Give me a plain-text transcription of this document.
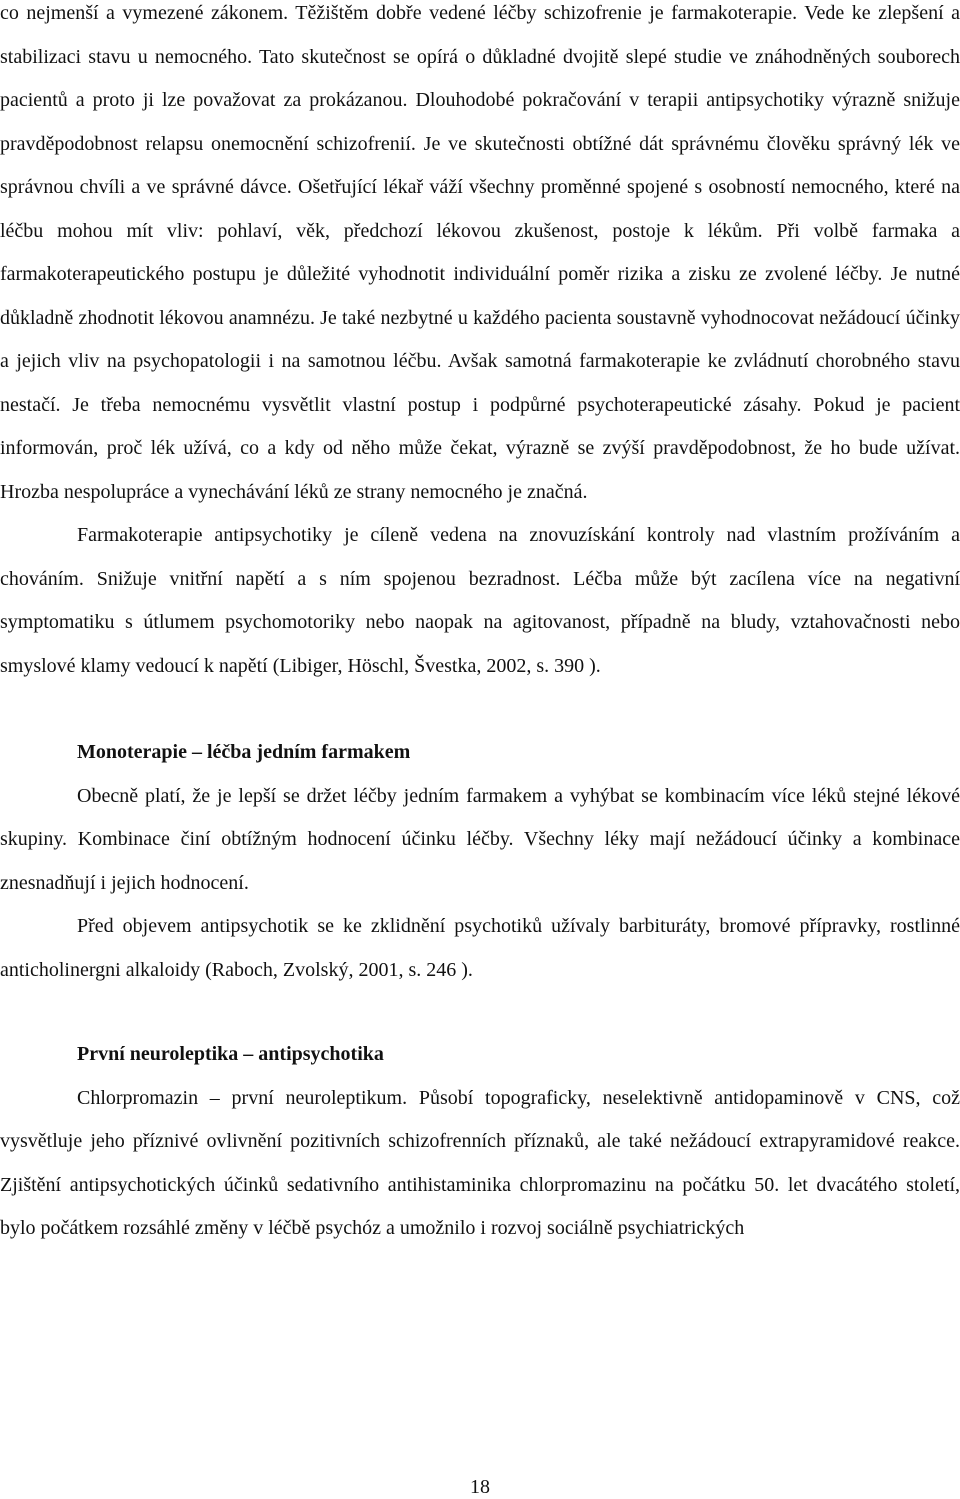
co nejmenší a vymezené zákonem. Těžištěm dobře vedené léčby schizofrenie je farmakoterapie. Vede ke zlepšení a stabilizaci stavu u nemocného. Tato skutečnost se opírá o důkladné dvojitě slepé studie ve znáhodněných souborech pacientů a proto ji lze považovat za prokázanou. Dlouhodobé pokračování v terapii antipsychotiky výrazně snižuje pravděpodobnost relapsu onemocnění schizofrenií. Je ve skutečnosti obtížné dát správnému člověku správný lék ve správnou chvíli a ve správné dávce. Ošetřující lékař váží všechny proměnné spojené s osobností nemocného, které na léčbu mohou mít vliv: pohlaví, věk, předchozí lékovou zkušenost, postoje k lékům. Při volbě farmaka a farmakoterapeutického postupu je důležité vyhodnotit individuální poměr rizika a zisku ze zvolené léčby. Je nutné důkladně zhodnotit lékovou anamnézu. Je také nezbytné u každého pacienta soustavně vyhodnocovat nežádoucí účinky a jejich vliv na psychopatologii i na samotnou léčbu. Avšak samotná farmakoterapie ke zvládnutí chorobného stavu nestačí. Je třeba nemocnému vysvětlit vlastní postup i podpůrné psychoterapeutické zásahy. Pokud je pacient informován, proč lék užívá, co a kdy od něho může čekat, výrazně se zvýší pravděpodobnost, že ho bude užívat. Hrozba nespolupráce a vynechávání léků ze strany nemocného je značná.

Farmakoterapie antipsychotiky je cíleně vedena na znovuzískání kontroly nad vlastním prožíváním a chováním. Snižuje vnitřní napětí a s ním spojenou bezradnost. Léčba může být zacílena více na negativní symptomatiku s útlumem psychomotoriky nebo naopak na agitovanost, případně na bludy, vztahovačnosti nebo smyslové klamy vedoucí k napětí (Libiger, Höschl, Švestka, 2002, s. 390 ).

Monoterapie – léčba jedním farmakem

Obecně platí, že je lepší se držet léčby jedním farmakem a vyhýbat se kombinacím více léků stejné lékové skupiny. Kombinace činí obtížným hodnocení účinku léčby. Všechny léky mají nežádoucí účinky a kombinace znesnadňují i jejich hodnocení.

Před objevem antipsychotik se ke zklidnění psychotiků užívaly barbituráty, bromové přípravky, rostlinné anticholinergni alkaloidy (Raboch, Zvolský, 2001, s. 246 ).

První neuroleptika – antipsychotika

Chlorpromazin – první neuroleptikum. Působí topograficky, neselektivně antidopaminově v CNS, což vysvětluje jeho příznivé ovlivnění pozitivních schizofrenních příznaků, ale také nežádoucí extrapyramidové reakce. Zjištění antipsychotických účinků sedativního antihistaminika chlorpromazinu na počátku 50. let dvacátého století, bylo počátkem rozsáhlé změny v léčbě psychóz a umožnilo i rozvoj sociálně psychiatrických

18
